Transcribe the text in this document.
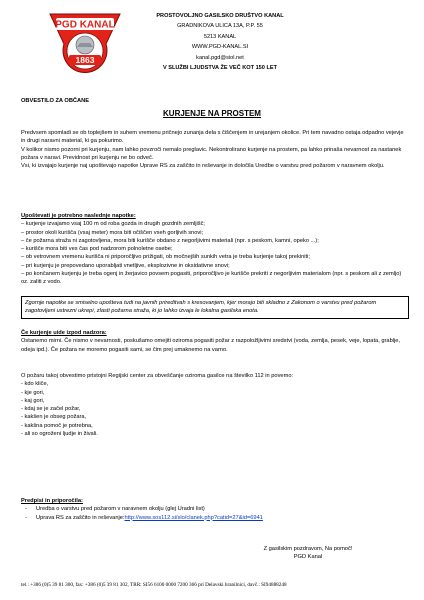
PGD KANAL
1863
PROSTOVOLJNO GASILSKO DRUŠTVO KANAL
GRADNIKOVA ULICA 13A, P.P. 55
5213 KANAL
WWW.PGD-KANAL.SI
kanal.pgd@siol.net
V SLUŽBI LJUDSTVA ŽE VEČ KOT 150 LET
OBVESTILO ZA OBČANE
KURJENJE NA PROSTEM
Predvsem spomladi se ob toplejšem in suhem vremenu pričnejo zunanja dela s čiščenjem in urejanjem okolice. Pri tem navadno ostaja odpadno vejevje in drugi naravni material, ki ga pokurimo.
V kolikor nismo pozorni pri kurjenju, nam lahko povzroči nemalo preglavic. Nekontrolirano kurjenje na prostem, pa lahko prinaša nevarnost za nastanek požara v naravi. Previdnost pri kurjenju ne bo odveč.
Vsi, ki izvajajo kurjenje naj upoštevajo napotke Uprave RS za zaščito in reševanje in določila Uredbe o varstvu pred požarom v naravnem okolju.
Upoštevati je potrebno naslednje napotke:
– kurjenje izvajamo vsaj 100 m od roba gozda in drugih gozdnih zemljišč;
– prostor okoli kurišča (vsaj meter) mora biti očiščen vseh gorljivih snovi;
– če požarna straža ni zagotovljena, mora biti kurišče obdano z negorljivimi materiali (npr. s peskom, kamni, opeko ...);
– kurišče mora biti ves čas pod nadzorom polnoletne osebe;
– ob vetrovnem vremenu kurišča ni priporočljivo prižigati, ob močnejših sunkih vetra je treba kurjenje takoj prekiniti;
– pri kurjenju je prepovedano uporabljati vnetljive, eksplozivne in oksidativne snovi;
– po končanem kurjenju je treba ogenj in žerjavico povsem pogasiti, priporočljivo je kurišče prekriti z negorljivim materialom (npr. s peskom ali z zemljo) oz. zaliti z vodo.
Zgornje napotke se smiselno upošteva tudi na javnih prireditvah s kresovanjem, kjer morajo biti skladno z Zakonom o varstvu pred požarom zagotovljeni ustrezni ukrepi, zlasti požarna straža, ki jo lahko izvaja le lokalna gasilska enota.
Če kurjenje uide izpod nadzora:
Ostanemo mirni. Če nismo v nevarnosti, poskušamo omejiti oziroma pogasiti požar z razpoložljivimi sredstvi (voda, zemlja, pesek, veje, lopata, grablje, odeja ipd.). Če požara ne moremo pogasiti sami, se čim prej umaknemo na varno.
O požaru takoj obvestimo pristojni Regijski center za obveščanje oziroma gasilce na številko 112 in povemo:
- kdo kliče,
- kje gori,
- kaj gori,
- kdaj se je začel požar,
- kakšen je obseg požara,
- kakšna pomoč je potrebna,
- ali so ogroženi ljudje in živali.
Predpisi in priporočila:
-	Uredba o varstvu pred požarom v naravnem okolju (glej Uradni list)
-	Uprava RS za zaščito in reševanje: http://www.sos112.si/slo/clanek.php?catid=27&id=6941
Z gasilskim pozdravom, Na pomoč!
PGD Kanal
tel.: +386 (0)5 39 81 300, fax: +386 (0)5 39 81 302, TRR: SI56 6100 0000 7200 366 pri Delavski hranilnici, davč.: SI94888248
